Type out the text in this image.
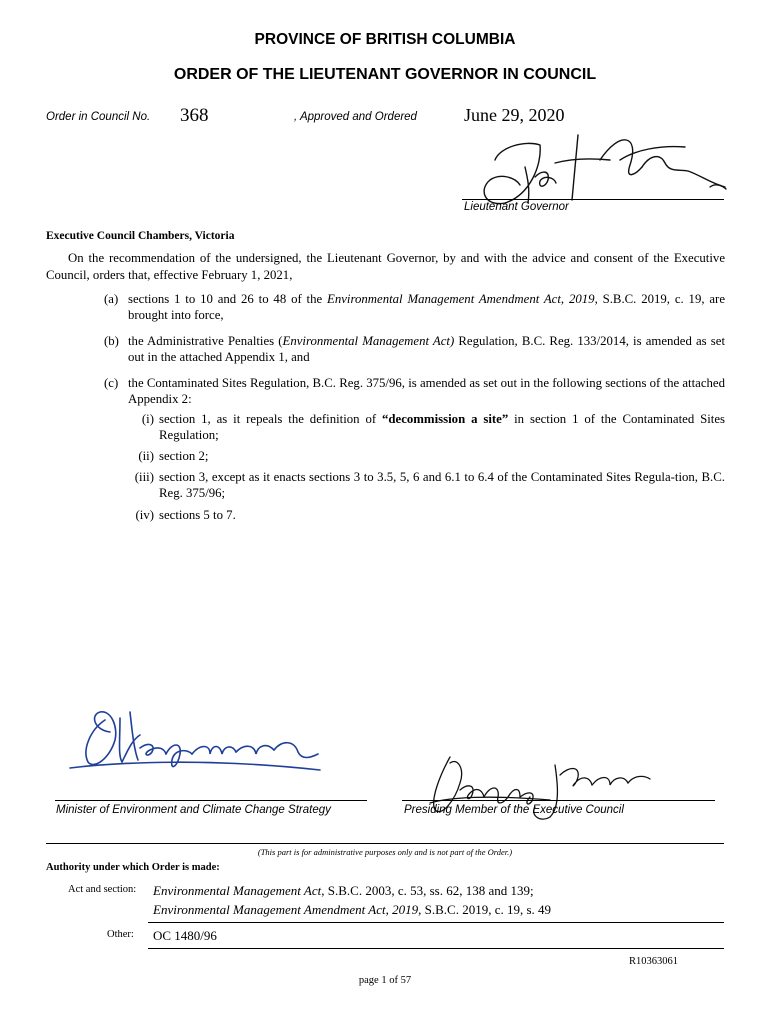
PROVINCE OF BRITISH COLUMBIA
ORDER OF THE LIEUTENANT GOVERNOR IN COUNCIL
Order in Council No. 368	, Approved and Ordered	June 29, 2020
Lieutenant Governor
Executive Council Chambers, Victoria
On the recommendation of the undersigned, the Lieutenant Governor, by and with the advice and consent of the Executive Council, orders that, effective February 1, 2021,
(a) sections 1 to 10 and 26 to 48 of the Environmental Management Amendment Act, 2019, S.B.C. 2019, c. 19, are brought into force,
(b) the Administrative Penalties (Environmental Management Act) Regulation, B.C. Reg. 133/2014, is amended as set out in the attached Appendix 1, and
(c) the Contaminated Sites Regulation, B.C. Reg. 375/96, is amended as set out in the following sections of the attached Appendix 2:
(i) section 1, as it repeals the definition of “decommission a site” in section 1 of the Contaminated Sites Regulation;
(ii) section 2;
(iii) section 3, except as it enacts sections 3 to 3.5, 5, 6 and 6.1 to 6.4 of the Contaminated Sites Regula-tion, B.C. Reg. 375/96;
(iv) sections 5 to 7.
Minister of Environment and Climate Change Strategy	Presiding Member of the Executive Council
(This part is for administrative purposes only and is not part of the Order.)
Authority under which Order is made:
Act and section: Environmental Management Act, S.B.C. 2003, c. 53, ss. 62, 138 and 139;
Environmental Management Amendment Act, 2019, S.B.C. 2019, c. 19, s. 49
Other: OC 1480/96
R10363061
page 1 of 57
